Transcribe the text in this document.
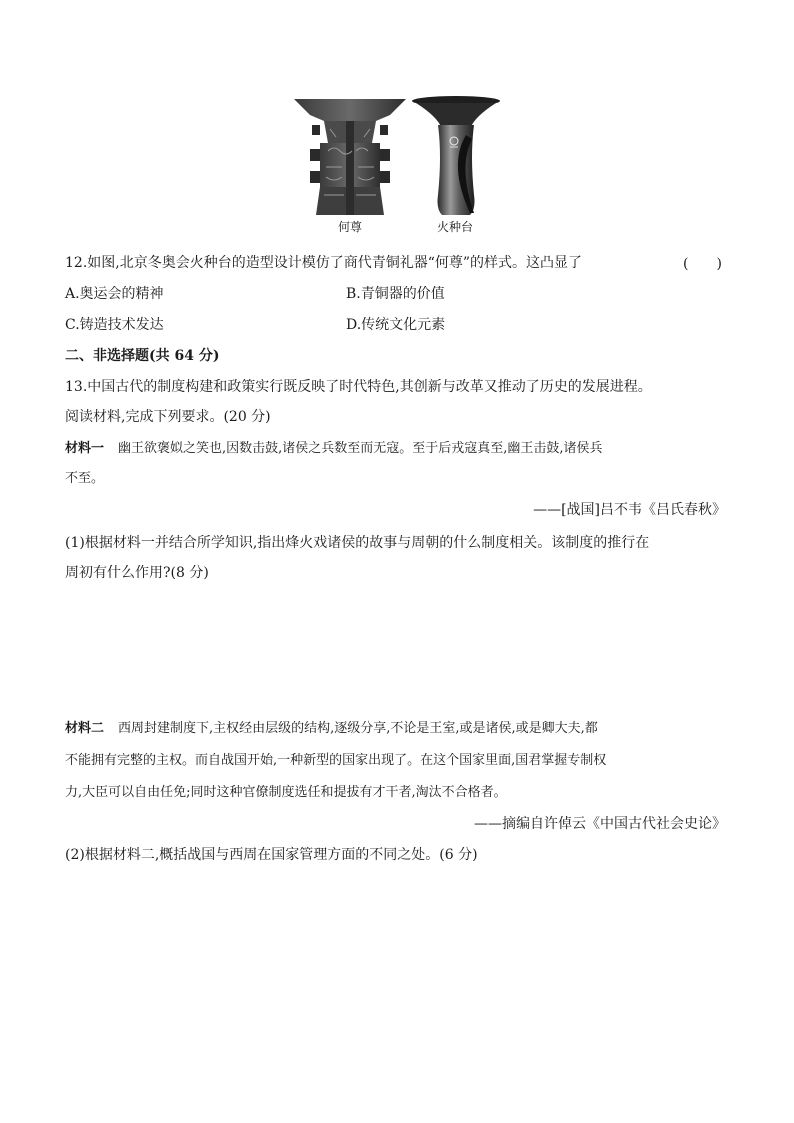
何尊	火种台
12.如图,北京冬奥会火种台的造型设计模仿了商代青铜礼器“何尊”的样式。这凸显了	(　　)
A.奥运会的精神	B.青铜器的价值
C.铸造技术发达	D.传统文化元素
二、非选择题(共 64 分)
13.中国古代的制度构建和政策实行既反映了时代特色,其创新与改革又推动了历史的发展进程。
阅读材料,完成下列要求。(20 分)
材料一 幽王欲褒姒之笑也,因数击鼓,诸侯之兵数至而无寇。至于后戎寇真至,幽王击鼓,诸侯兵
不至。
——[战国]吕不韦《吕氏春秋》
(1)根据材料一并结合所学知识,指出烽火戏诸侯的故事与周朝的什么制度相关。该制度的推行在
周初有什么作用?(8 分)
材料二 西周封建制度下,主权经由层级的结构,逐级分享,不论是王室,或是诸侯,或是卿大夫,都
不能拥有完整的主权。而自战国开始,一种新型的国家出现了。在这个国家里面,国君掌握专制权
力,大臣可以自由任免;同时这种官僚制度选任和提拔有才干者,淘汰不合格者。
——摘编自许倬云《中国古代社会史论》
(2)根据材料二,概括战国与西周在国家管理方面的不同之处。(6 分)
